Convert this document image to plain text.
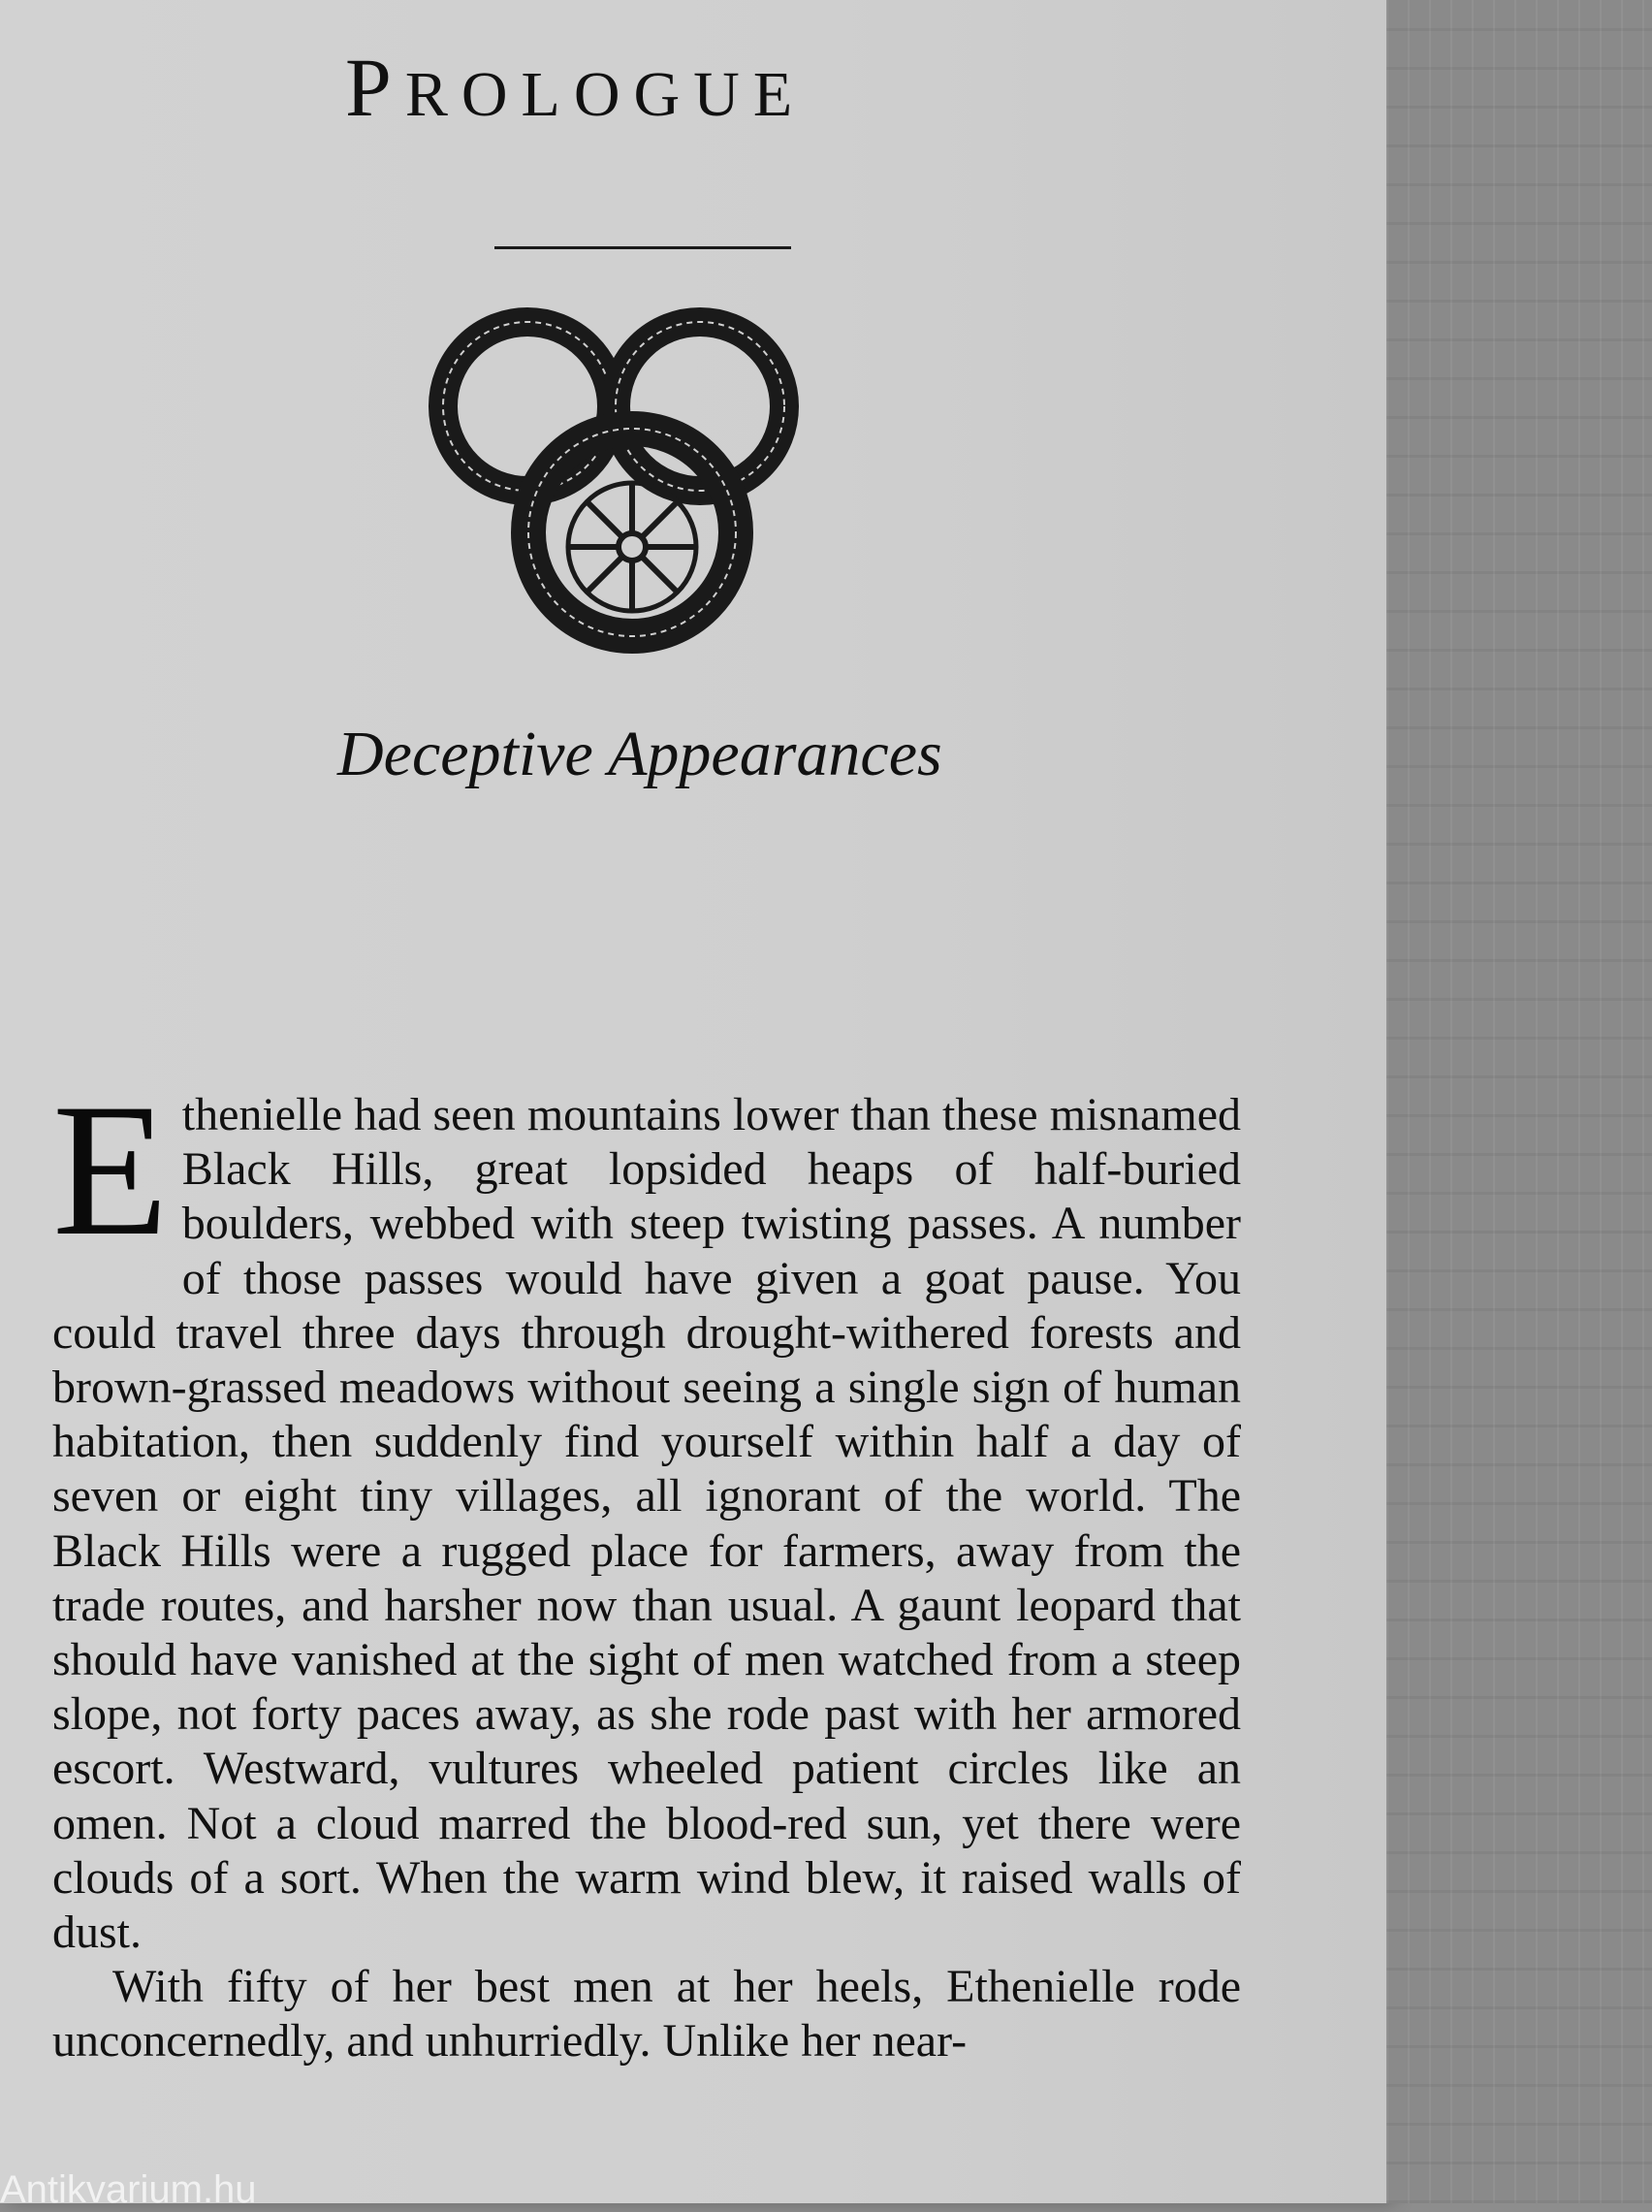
PROLOGUE
Deceptive Appearances

Ethenielle had seen mountains lower than these misnamed Black Hills, great lopsided heaps of half-buried boulders, webbed with steep twisting passes. A number of those passes would have given a goat pause. You could travel three days through drought-withered forests and brown-grassed meadows without seeing a single sign of human habitation, then suddenly find yourself within half a day of seven or eight tiny villages, all ignorant of the world. The Black Hills were a rugged place for farmers, away from the trade routes, and harsher now than usual. A gaunt leopard that should have vanished at the sight of men watched from a steep slope, not forty paces away, as she rode past with her armored escort. Westward, vultures wheeled patient circles like an omen. Not a cloud marred the blood-red sun, yet there were clouds of a sort. When the warm wind blew, it raised walls of dust.

With fifty of her best men at her heels, Ethenielle rode unconcernedly, and unhurriedly. Unlike her near-

Antikvarium.hu
